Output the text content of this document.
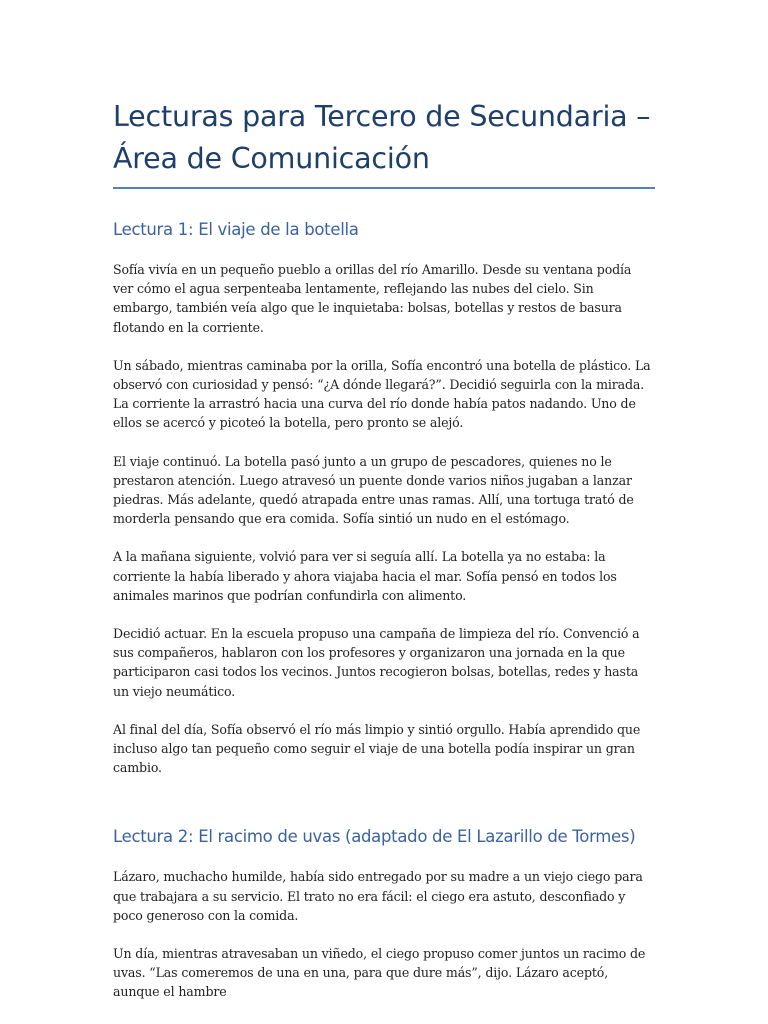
Lecturas para Tercero de Secundaria –
Área de Comunicación
Lectura 1: El viaje de la botella

Sofía vivía en un pequeño pueblo a orillas del río Amarillo. Desde su ventana podía ver cómo el agua serpenteaba lentamente, reflejando las nubes del cielo. Sin embargo, también veía algo que le inquietaba: bolsas, botellas y restos de basura flotando en la corriente.

Un sábado, mientras caminaba por la orilla, Sofía encontró una botella de plástico. La observó con curiosidad y pensó: “¿A dónde llegará?”. Decidió seguirla con la mirada. La corriente la arrastró hacia una curva del río donde había patos nadando. Uno de ellos se acercó y picoteó la botella, pero pronto se alejó.

El viaje continuó. La botella pasó junto a un grupo de pescadores, quienes no le prestaron atención. Luego atravesó un puente donde varios niños jugaban a lanzar piedras. Más adelante, quedó atrapada entre unas ramas. Allí, una tortuga trató de morderla pensando que era comida. Sofía sintió un nudo en el estómago.

A la mañana siguiente, volvió para ver si seguía allí. La botella ya no estaba: la corriente la había liberado y ahora viajaba hacia el mar. Sofía pensó en todos los animales marinos que podrían confundirla con alimento.

Decidió actuar. En la escuela propuso una campaña de limpieza del río. Convenció a sus compañeros, hablaron con los profesores y organizaron una jornada en la que participaron casi todos los vecinos. Juntos recogieron bolsas, botellas, redes y hasta un viejo neumático.

Al final del día, Sofía observó el río más limpio y sintió orgullo. Había aprendido que incluso algo tan pequeño como seguir el viaje de una botella podía inspirar un gran cambio.

Lectura 2: El racimo de uvas (adaptado de El Lazarillo de Tormes)

Lázaro, muchacho humilde, había sido entregado por su madre a un viejo ciego para que trabajara a su servicio. El trato no era fácil: el ciego era astuto, desconfiado y poco generoso con la comida.

Un día, mientras atravesaban un viñedo, el ciego propuso comer juntos un racimo de uvas. “Las comeremos de una en una, para que dure más”, dijo. Lázaro aceptó, aunque el hambre
